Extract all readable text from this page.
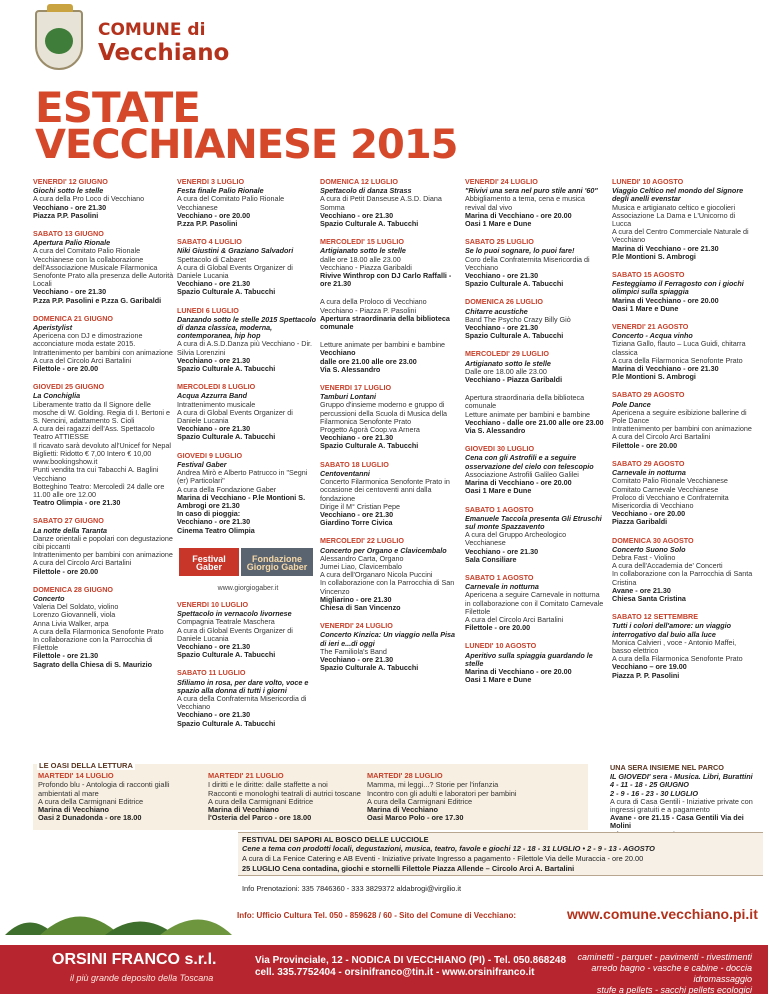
COMUNE di
Vecchiano
ESTATE
VECCHIANESE 2015
VENERDI' 12 GIUGNO
Giochi sotto le stelle
A cura della Pro Loco di Vecchiano
Vecchiano - ore 21.30
Piazza P.P. Pasolini
SABATO 13 GIUGNO
Apertura Palio Rionale
A cura del Comitato Palio Rionale Vecchianese con la collaborazione dell'Associazione Musicale Filarmonica Senofonte Prato alla presenza delle Autorità Locali
Vecchiano - ore 21.30
P.zza P.P. Pasolini e P.zza G. Garibaldi
DOMENICA 21 GIUGNO
Aperistylist
Apericena con DJ e dimostrazione acconciature moda estate 2015. Intrattenimento per bambini con animazione
A cura del Circolo Arci Bartalini
Filettole - ore 20.00
GIOVEDI 25 GIUGNO
La Conchiglia
Liberamente tratto da Il Signore delle mosche di W. Golding. Regia di I. Bertoni e S. Nencini, adattamento S. Cioli
A cura dei ragazzi dell'Ass. Spettacolo Teatro ATTIESSE
Il ricavato sarà devoluto all'Unicef for Nepal
Biglietti: Ridotto € 7,00 Intero € 10,00
www.bookingshow.it
Punti vendita tra cui Tabacchi A. Baglini Vecchiano
Botteghino Teatro: Mercoledì 24 dalle ore 11.00 alle ore 12.00
Teatro Olimpia - ore 21.30
SABATO 27 GIUGNO
La notte della Taranta
Danze orientali e popolari con degustazione cibi piccanti
Intrattenimento per bambini con animazione
A cura del Circolo Arci Bartalini
Filettole - ore 20.00
DOMENICA 28 GIUGNO
Concerto
Valeria Del Soldato, violino
Lorenzo Giovannelli, viola
Anna Livia Walker, arpa
A cura della Filarmonica Senofonte Prato
In collaborazione con la Parrocchia di Filettole
Filettole - ore 21.30
Sagrato della Chiesa di S. Maurizio
VENERDI 3 LUGLIO
Festa finale Palio Rionale
A cura del Comitato Palio Rionale Vecchianese
Vecchiano - ore 20.00
P.zza P.P. Pasolini
SABATO 4 LUGLIO
Niki Giustini & Graziano Salvadori
Spettacolo di Cabaret
A cura di Global Events Organizer di Daniele Lucania
Vecchiano - ore 21.30
Spazio Culturale A. Tabucchi
LUNEDI 6 LUGLIO
Danzando sotto le stelle 2015 Spettacolo di danza classica, moderna, contemporanea, hip hop
A cura di A.S.D.Danza più Vecchiano - Dir. Silvia Lorenzini
Vecchiano - ore 21.30
Spazio Culturale A. Tabucchi
MERCOLEDI 8 LUGLIO
Acqua Azzurra Band
Intrattenimento musicale
A cura di Global Events Organizer di Daniele Lucania
Vecchiano - ore 21.30
Spazio Culturale A. Tabucchi
GIOVEDI 9 LUGLIO
Festival Gaber
Andrea Mirò e Alberto Patrucco in "Segni (er) Particolari"
A cura della Fondazione Gaber
Marina di Vecchiano - P.le Montioni S. Ambrogi ore 21.30
In caso di pioggia:
Vecchiano - ore 21.30
Cinema Teatro Olimpia
Festival Gaber
Fondazione Giorgio Gaber
www.giorgiogaber.it
VENERDI 10 LUGLIO
Spettacolo in vernacolo livornese
Compagnia Teatrale Maschera
A cura di Global Events Organizer di Daniele Lucania
Vecchiano - ore 21.30
Spazio Culturale A. Tabucchi
SABATO 11 LUGLIO
Sfiliamo in rosa, per dare volto, voce e spazio alla donna di tutti i giorni
A cura della Confraternita Misericordia di Vecchiano
Vecchiano - ore 21.30
Spazio Culturale A. Tabucchi
DOMENICA 12 LUGLIO
Spettacolo di danza Strass
A cura di Petit Danseuse A.S.D. Diana Somma
Vecchiano - ore 21.30
Spazio Culturale A. Tabucchi
MERCOLEDI' 15 LUGLIO
Artigianato sotto le stelle
dalle ore 18.00 alle 23.00
Vecchiano - Piazza Garibaldi
Rivive Winthrop con DJ Carlo Raffalli - ore 21.30
A cura della Proloco di Vecchiano
Vecchiano - Piazza P. Pasolini
Apertura straordinaria della biblioteca comunale
Letture animate per bambini e bambine
Vecchiano
dalle ore 21.00 alle ore 23.00
Via S. Alessandro
VENERDI 17 LUGLIO
Tamburi Lontani
Gruppo d'insieme moderno e gruppo di percussioni della Scuola di Musica della Filarmonica Senofonte Prato
Progetto Agorà Coop.va Arnera
Vecchiano - ore 21.30
Spazio Culturale A. Tabucchi
SABATO 18 LUGLIO
Centoventanni
Concerto Filarmonica Senofonte Prato in occasione dei centoventi anni dalla fondazione
Dirige il M° Cristian Pepe
Vecchiano - ore 21.30
Giardino Torre Civica
MERCOLEDI' 22 LUGLIO
Concerto per Organo e Clavicembalo
Alessandro Carta, Organo
Jumei Liao, Clavicembalo
A cura dell'Organaro Nicola Puccini
In collaborazione con la Parrocchia di San Vincenzo
Migliarino - ore 21.30
Chiesa di San Vincenzo
VENERDI' 24 LUGLIO
Concerto Kinzica: Un viaggio nella Pisa di ieri e...di oggi
The Familiola's Band
Vecchiano - ore 21.30
Spazio Culturale A. Tabucchi
VENERDI' 24 LUGLIO
"Rivivi una sera nel puro stile anni '60"
Abbigliamento a tema, cena e musica revival dal vivo
Marina di Vecchiano - ore 20.00
Oasi 1 Mare e Dune
SABATO 25 LUGLIO
Se lo puoi sognare, lo puoi fare!
Coro della Confraternita Misericordia di Vecchiano
Vecchiano - ore 21.30
Spazio Culturale A. Tabucchi
DOMENICA 26 LUGLIO
Chitarre acustiche
Band The Psycho Crazy Billy Giò
Vecchiano - ore 21.30
Spazio Culturale A. Tabucchi
MERCOLEDI' 29 LUGLIO
Artigianato sotto le stelle
Dalle ore 18.00 alle 23.00
Vecchiano - Piazza Garibaldi
Apertura straordinaria della biblioteca comunale
Letture animate per bambini e bambine
Vecchiano - dalle ore 21.00 alle ore 23.00
Via S. Alessandro
GIOVEDI 30 LUGLIO
Cena con gli Astrofili e a seguire osservazione del cielo con telescopio
Associazione Astrofili Galileo Galilei
Marina di Vecchiano - ore 20.00
Oasi 1 Mare e Dune
SABATO 1 AGOSTO
Emanuele Taccola presenta Gli Etruschi sul monte Spazzavento
A cura del Gruppo Archeologico Vecchianese
Vecchiano - ore 21.30
Sala Consiliare
SABATO 1 AGOSTO
Carnevale in notturna
Apericena a seguire Carnevale in notturna in collaborazione con il Comitato Carnevale Filettole
A cura del Circolo Arci Bartalini
Filettole - ore 20.00
LUNEDI' 10 AGOSTO
Aperitivo sulla spiaggia guardando le stelle
Marina di Vecchiano - ore 20.00
Oasi 1 Mare e Dune
LUNEDI' 10 AGOSTO
Viaggio Celtico nel mondo del Signore degli anelli evenstar
Musica e artigianato celtico e giocolieri
Associazione La Dama e L'Unicorno di Lucca
A cura del Centro Commerciale Naturale di Vecchiano
Marina di Vecchiano - ore 21.30
P.le Montioni S. Ambrogi
SABATO 15 AGOSTO
Festeggiamo il Ferragosto con i giochi olimpici sulla spiaggia
Marina di Vecchiano - ore 20.00
Oasi 1 Mare e Dune
VENERDI' 21 AGOSTO
Concerto - Acqua vinho
Tiziana Gallo, flauto – Luca Guidi, chitarra classica
A cura della Filarmonica Senofonte Prato
Marina di Vecchiano - ore 21.30
P.le Montioni S. Ambrogi
SABATO 29 AGOSTO
Pole Dance
Apericena a seguire esibizione ballerine di Pole Dance
Intrattenimento per bambini con animazione
A cura del Circolo Arci Bartalini
Filettole - ore 20.00
SABATO 29 AGOSTO
Carnevale in notturna
Comitato Palio Rionale Vecchianese
Comitato Carnevale Vecchianese
Proloco di Vecchiano e Confraternita Misericordia di Vecchiano
Vecchiano - ore 20.00
Piazza Garibaldi
DOMENICA 30 AGOSTO
Concerto Suono Solo
Debra Fast - Violino
A cura dell'Accademia de' Concerti
In collaborazione con la Parrocchia di Santa Cristina
Avane - ore 21.30
Chiesa Santa Cristina
SABATO 12 SETTEMBRE
Tutti i colori dell'amore: un viaggio interrogativo dal buio alla luce
Monica Calvieri , voce - Antonio Maffei, basso elettrico
A cura della Filarmonica Senofonte Prato
Vecchiano – ore 19.00
Piazza P. P. Pasolini
LE OASI DELLA LETTURA
MARTEDI' 14 LUGLIO
Profondo blu - Antologia di racconti gialli ambientati al mare
A cura della Carmignani Editrice
Marina di Vecchiano
Oasi 2 Dunadonda - ore 18.00
MARTEDI' 21 LUGLIO
I diritti e le diritte: dalle staffette a noi
Racconti e monologhi teatrali di autrici toscane
A cura della Carmignani Editrice
Marina di Vecchiano
l'Osteria del Parco - ore 18.00
MARTEDI' 28 LUGLIO
Mamma, mi leggi...? Storie per l'infanzia
Incontro con gli adulti e laboratori per bambini
A cura della Carmignani Editrice
Marina di Vecchiano
Oasi Marco Polo - ore 17.30
UNA SERA INSIEME NEL PARCO
IL GIOVEDI' sera - Musica. Libri, Burattini
4 - 11 - 18 - 25 GIUGNO
2 - 9 - 16 - 23 - 30 LUGLIO
A cura di Casa Gentili - Iniziative private con ingressi gratuiti e a pagamento
Avane - ore 21.15 - Casa Gentili Via dei Molini
FESTIVAL DEI SAPORI AL BOSCO DELLE LUCCIOLE
Cene a tema con prodotti locali, degustazioni, musica, teatro, favole e giochi 12 - 18 - 31 LUGLIO • 2 - 9 - 13 - AGOSTO
A cura di La Fenice Catering e AB Eventi - Iniziative private Ingresso a pagamento - Filettole Via delle Muraccia - ore 20.00
25 LUGLIO Cena contadina, giochi e stornelli Filettole Piazza Allende – Circolo Arci A. Bartalini
Info Prenotazioni: 335 7846360 - 333 3829372 aldabrogi@virgilio.it
Info: Ufficio Cultura Tel. 050 - 859628 / 60 - Sito del Comune di Vecchiano:	www.comune.vecchiano.pi.it
ORSINI FRANCO s.r.l.
il più grande deposito della Toscana
Via Provinciale, 12 - NODICA DI VECCHIANO (PI) - Tel. 050.868248
cell. 335.7752404 - orsinifranco@tin.it - www.orsinifranco.it
caminetti - parquet - pavimenti - rivestimenti
arredo bagno - vasche e cabine - doccia idromassaggio
stufe a pellets - sacchi pellets ecologici
